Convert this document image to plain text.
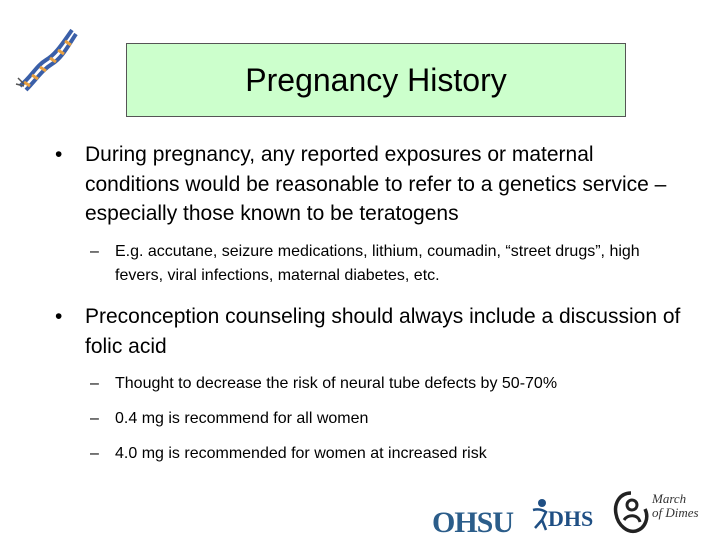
Pregnancy History
• During pregnancy, any reported exposures or maternal conditions would be reasonable to refer to a genetics service – especially those known to be teratogens
– E.g. accutane, seizure medications, lithium, coumadin, “street drugs”, high fevers, viral infections, maternal diabetes, etc.
• Preconception counseling should always include a discussion of folic acid
– Thought to decrease the risk of neural tube defects by 50-70%
– 0.4 mg is recommend for all women
– 4.0 mg is recommended for women at increased risk
OHSU DHS
March
of Dimes
